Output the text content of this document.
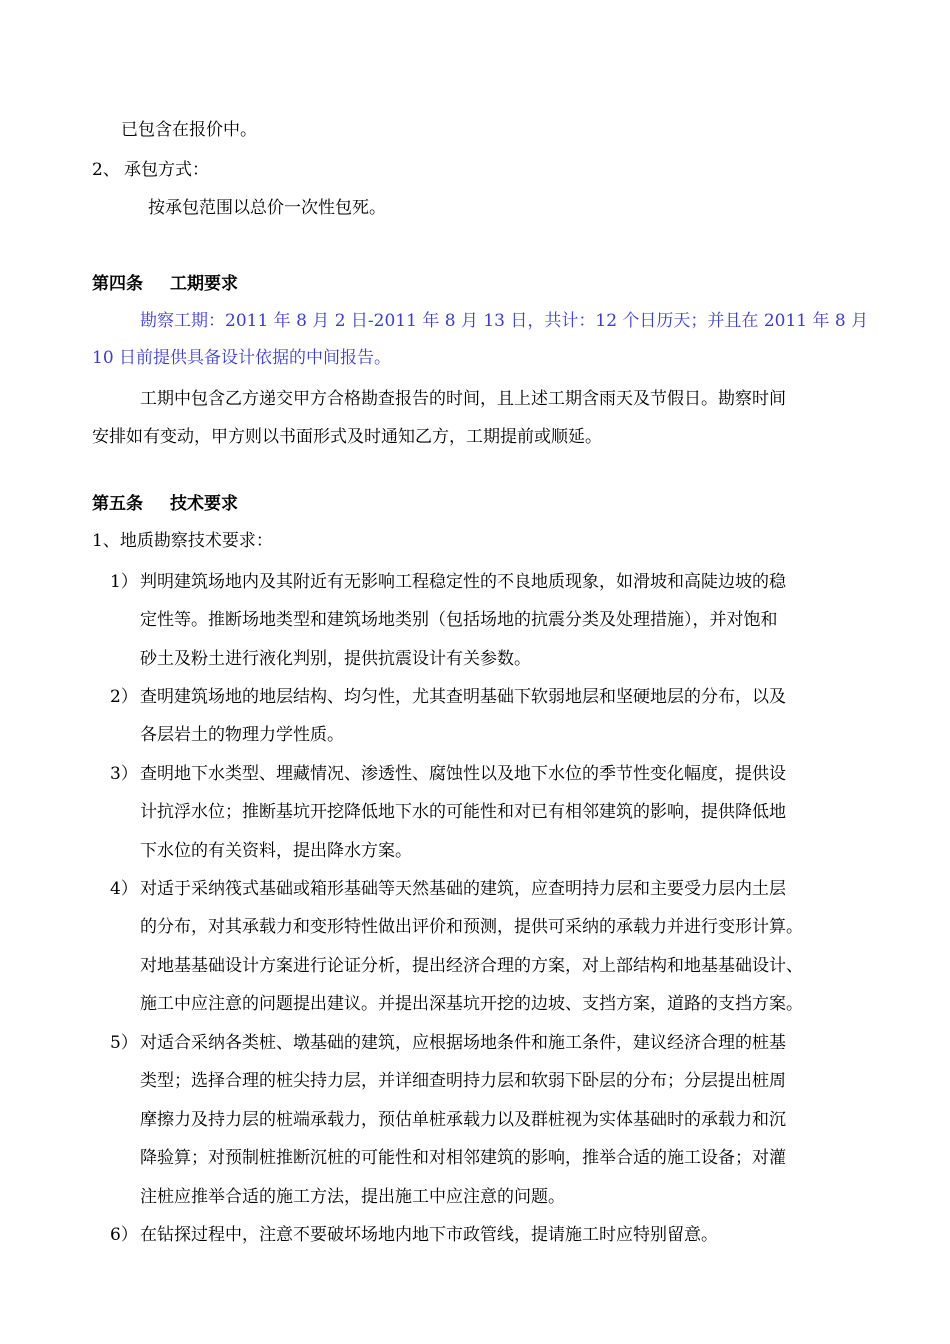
已包含在报价中。
2、 承包方式：
按承包范围以总价一次性包死。
第四条 工期要求
勘察工期：2011 年 8 月 2 日-2011 年 8 月 13 日，共计：12 个日历天；并且在 2011 年 8 月
10 日前提供具备设计依据的中间报告。
工期中包含乙方递交甲方合格勘查报告的时间，且上述工期含雨天及节假日。勘察时间
安排如有变动，甲方则以书面形式及时通知乙方，工期提前或顺延。
第五条 技术要求
1、地质勘察技术要求：
1） 判明建筑场地内及其附近有无影响工程稳定性的不良地质现象，如滑坡和高陡边坡的稳
定性等。推断场地类型和建筑场地类别（包括场地的抗震分类及处理措施），并对饱和
砂土及粉土进行液化判别，提供抗震设计有关参数。
2） 查明建筑场地的地层结构、均匀性，尤其查明基础下软弱地层和坚硬地层的分布，以及
各层岩土的物理力学性质。
3） 查明地下水类型、埋藏情况、渗透性、腐蚀性以及地下水位的季节性变化幅度，提供设
计抗浮水位；推断基坑开挖降低地下水的可能性和对已有相邻建筑的影响，提供降低地
下水位的有关资料，提出降水方案。
4） 对适于采纳筏式基础或箱形基础等天然基础的建筑，应查明持力层和主要受力层内土层
的分布，对其承载力和变形特性做出评价和预测，提供可采纳的承载力并进行变形计算。
对地基基础设计方案进行论证分析，提出经济合理的方案，对上部结构和地基基础设计、
施工中应注意的问题提出建议。并提出深基坑开挖的边坡、支挡方案，道路的支挡方案。
5） 对适合采纳各类桩、墩基础的建筑，应根据场地条件和施工条件，建议经济合理的桩基
类型；选择合理的桩尖持力层，并详细查明持力层和软弱下卧层的分布；分层提出桩周
摩擦力及持力层的桩端承载力，预估单桩承载力以及群桩视为实体基础时的承载力和沉
降验算；对预制桩推断沉桩的可能性和对相邻建筑的影响，推举合适的施工设备；对灌
注桩应推举合适的施工方法，提出施工中应注意的问题。
6） 在钻探过程中，注意不要破坏场地内地下市政管线，提请施工时应特别留意。
